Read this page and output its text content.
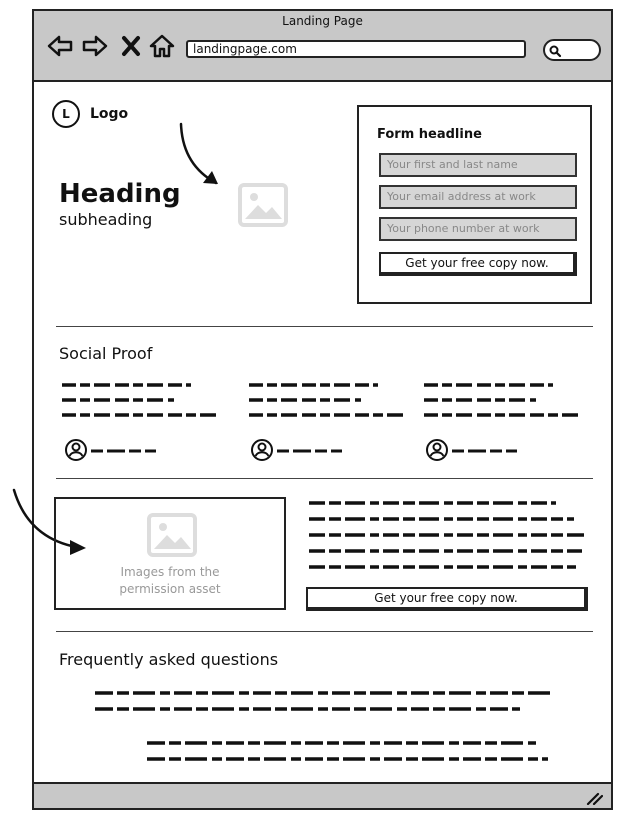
Landing Page
landingpage.com
L	Logo
Heading
subheading
Form headline
Your first and last name
Your email address at work
Your phone number at work
Get your free copy now.
Social Proof
Images from the
permission asset
Get your free copy now.
Frequently asked questions
